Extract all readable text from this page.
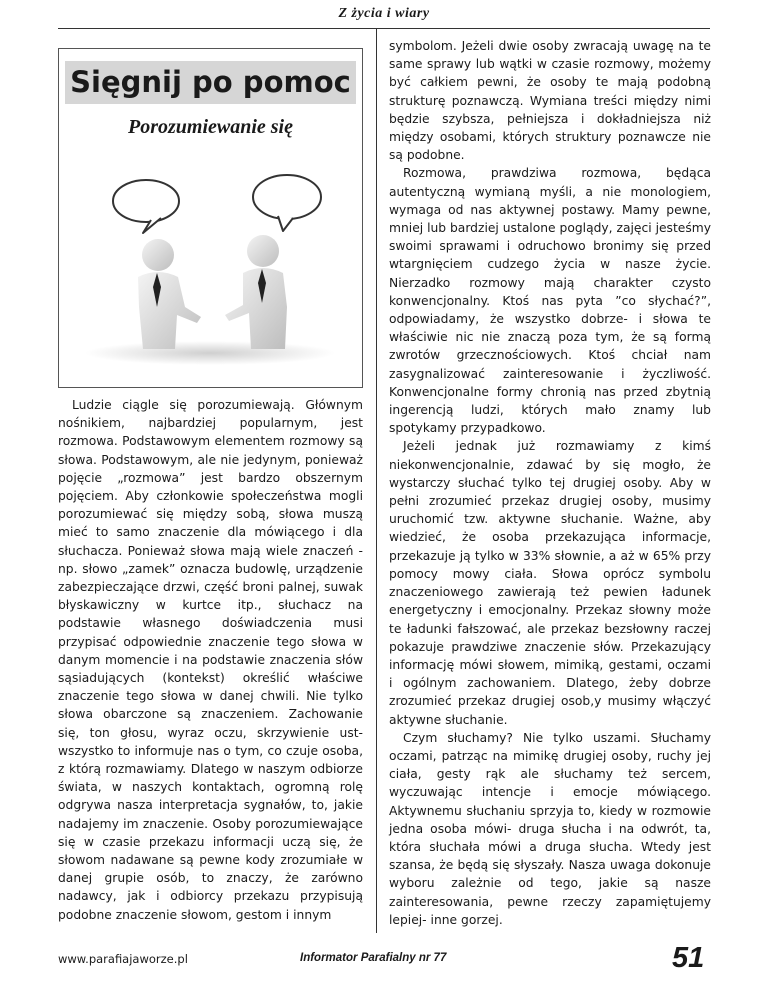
Z życia i wiary
Sięgnij po pomoc
Porozumiewanie się

Ludzie ciągle się porozumiewają. Głównym nośnikiem, najbardziej popularnym, jest rozmowa. Podstawowym elementem rozmowy są słowa. Podstawowym, ale nie jedynym, ponieważ pojęcie „rozmowa” jest bardzo obszernym pojęciem. Aby członkowie społeczeństwa mogli porozumiewać się między sobą, słowa muszą mieć to samo znaczenie dla mówiącego i dla słuchacza. Ponieważ słowa mają wiele znaczeń - np. słowo „zamek” oznacza budowlę, urządzenie zabezpieczające drzwi, część broni palnej, suwak błyskawiczny w kurtce itp., słuchacz na podstawie własnego doświadczenia musi przypisać odpowiednie znaczenie tego słowa w danym momencie i na podstawie znaczenia słów sąsiadujących (kontekst) określić właściwe znaczenie tego słowa w danej chwili. Nie tylko słowa obarczone są znaczeniem. Zachowanie się, ton głosu, wyraz oczu, skrzywienie ust- wszystko to informuje nas o tym, co czuje osoba, z którą rozmawiamy. Dlatego w naszym odbiorze świata, w naszych kontaktach, ogromną rolę odgrywa nasza interpretacja sygnałów, to, jakie nadajemy im znaczenie. Osoby porozumiewające się w czasie przekazu informacji uczą się, że słowom nadawane są pewne kody zrozumiałe w danej grupie osób, to znaczy, że zarówno nadawcy, jak i odbiorcy przekazu przypisują podobne znaczenie słowom, gestom i innym

symbolom. Jeżeli dwie osoby zwracają uwagę na te same sprawy lub wątki w czasie rozmowy, możemy być całkiem pewni, że osoby te mają podobną strukturę poznawczą. Wymiana treści między nimi będzie szybsza, pełniejsza i dokładniejsza niż między osobami, których struktury poznawcze nie są podobne.

Rozmowa, prawdziwa rozmowa, będąca autentyczną wymianą myśli, a nie monologiem, wymaga od nas aktywnej postawy. Mamy pewne, mniej lub bardziej ustalone poglądy, zajęci jesteśmy swoimi sprawami i odruchowo bronimy się przed wtargnięciem cudzego życia w nasze życie. Nierzadko rozmowy mają charakter czysto konwencjonalny. Ktoś nas pyta ”co słychać?”, odpowiadamy, że wszystko dobrze- i słowa te właściwie nic nie znaczą poza tym, że są formą zwrotów grzecznościowych. Ktoś chciał nam zasygnalizować zainteresowanie i życzliwość. Konwencjonalne formy chronią nas przed zbytnią ingerencją ludzi, których mało znamy lub spotykamy przypadkowo.

Jeżeli jednak już rozmawiamy z kimś niekonwencjonalnie, zdawać by się mogło, że wystarczy słuchać tylko tej drugiej osoby. Aby w pełni zrozumieć przekaz drugiej osoby, musimy uruchomić tzw. aktywne słuchanie. Ważne, aby wiedzieć, że osoba przekazująca informacje, przekazuje ją tylko w 33% słownie, a aż w 65% przy pomocy mowy ciała. Słowa oprócz symbolu znaczeniowego zawierają też pewien ładunek energetyczny i emocjonalny. Przekaz słowny może te ładunki fałszować, ale przekaz bezsłowny raczej pokazuje prawdziwe znaczenie słów. Przekazujący informację mówi słowem, mimiką, gestami, oczami i ogólnym zachowaniem. Dlatego, żeby dobrze zrozumieć przekaz drugiej osob,y musimy włączyć aktywne słuchanie.

Czym słuchamy? Nie tylko uszami. Słuchamy oczami, patrząc na mimikę drugiej osoby, ruchy jej ciała, gesty rąk ale słuchamy też sercem, wyczuwając intencje i emocje mówiącego. Aktywnemu słuchaniu sprzyja to, kiedy w rozmowie jedna osoba mówi- druga słucha i na odwrót, ta, która słuchała mówi a druga słucha. Wtedy jest szansa, że będą się słyszały. Nasza uwaga dokonuje wyboru zależnie od tego, jakie są nasze zainteresowania, pewne rzeczy zapamiętujemy lepiej- inne gorzej.

www.parafiajaworze.pl	Informator Parafialny nr 77	51
